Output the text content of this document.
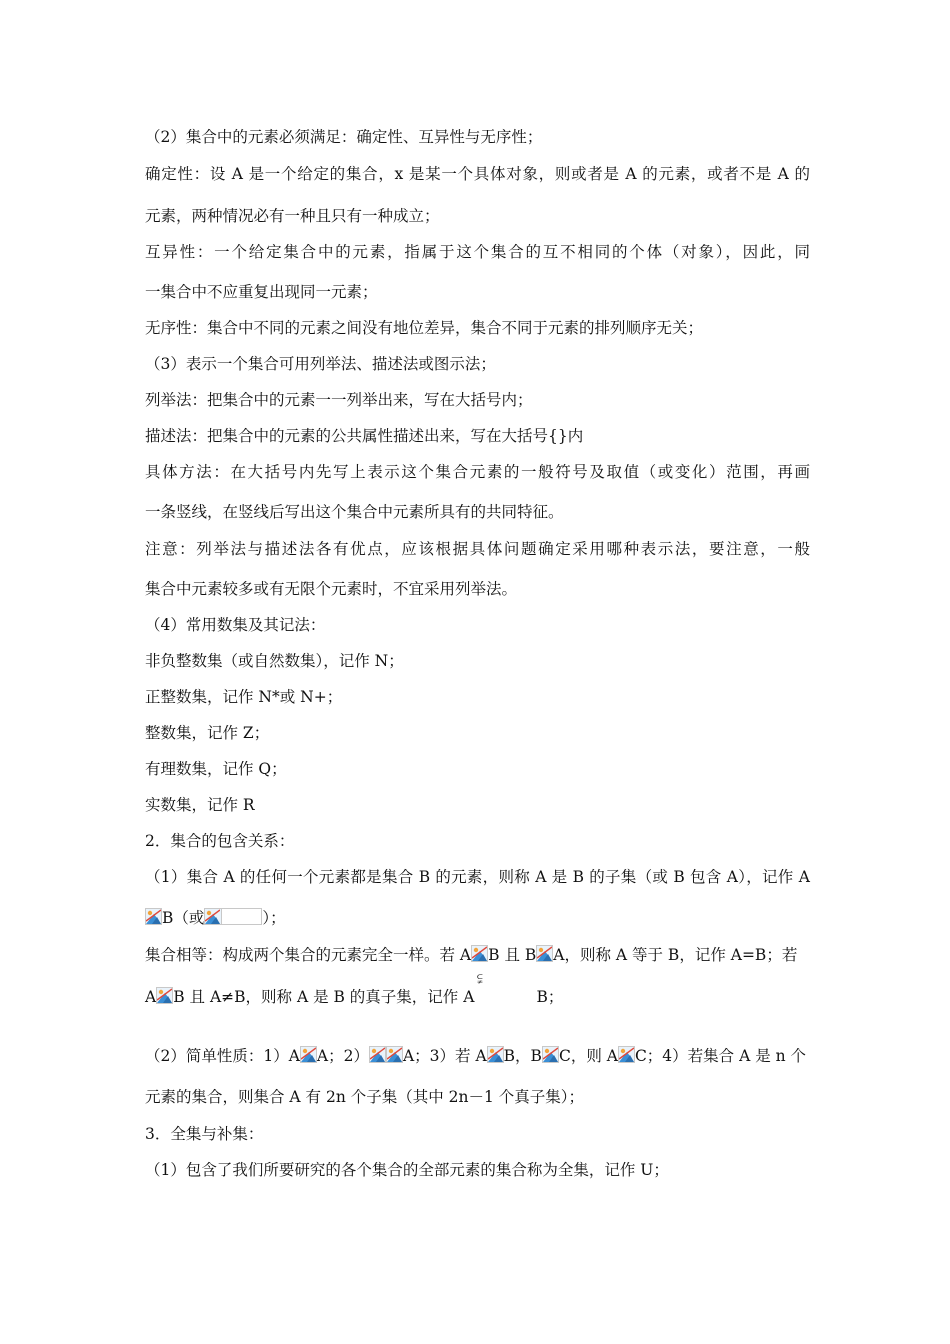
（2）集合中的元素必须满足：确定性、互异性与无序性；
确定性：设 A 是一个给定的集合，x 是某一个具体对象，则或者是 A 的元素，或者不是 A 的
元素，两种情况必有一种且只有一种成立；
互异性：一个给定集合中的元素，指属于这个集合的互不相同的个体（对象），因此，同
一集合中不应重复出现同一元素；
无序性：集合中不同的元素之间没有地位差异，集合不同于元素的排列顺序无关；
（3）表示一个集合可用列举法、描述法或图示法；
列举法：把集合中的元素一一列举出来，写在大括号内；
描述法：把集合中的元素的公共属性描述出来，写在大括号{}内
具体方法：在大括号内先写上表示这个集合元素的一般符号及取值（或变化）范围，再画
一条竖线，在竖线后写出这个集合中元素所具有的共同特征。
注意：列举法与描述法各有优点，应该根据具体问题确定采用哪种表示法，要注意，一般
集合中元素较多或有无限个元素时，不宜采用列举法。
（4）常用数集及其记法：
非负整数集（或自然数集），记作 N；
正整数集，记作 N*或 N+；
整数集，记作 Z；
有理数集，记作 Q；
实数集，记作 R
2．集合的包含关系：
（1）集合 A 的任何一个元素都是集合 B 的元素，则称 A 是 B 的子集（或 B 包含 A），记作 A
B（或	）；
集合相等：构成两个集合的元素完全一样。若 A B 且 B A，则称 A 等于 B，记作 A=B；若
⫋
A B 且 A≠B，则称 A 是 B 的真子集，记作 A	B；
（2）简单性质：1）A A；2） A；3）若 A B，B C，则 A C；4）若集合 A 是 n 个
元素的集合，则集合 A 有 2n 个子集（其中 2n－1 个真子集）；
3．全集与补集：
（1）包含了我们所要研究的各个集合的全部元素的集合称为全集，记作 U；
